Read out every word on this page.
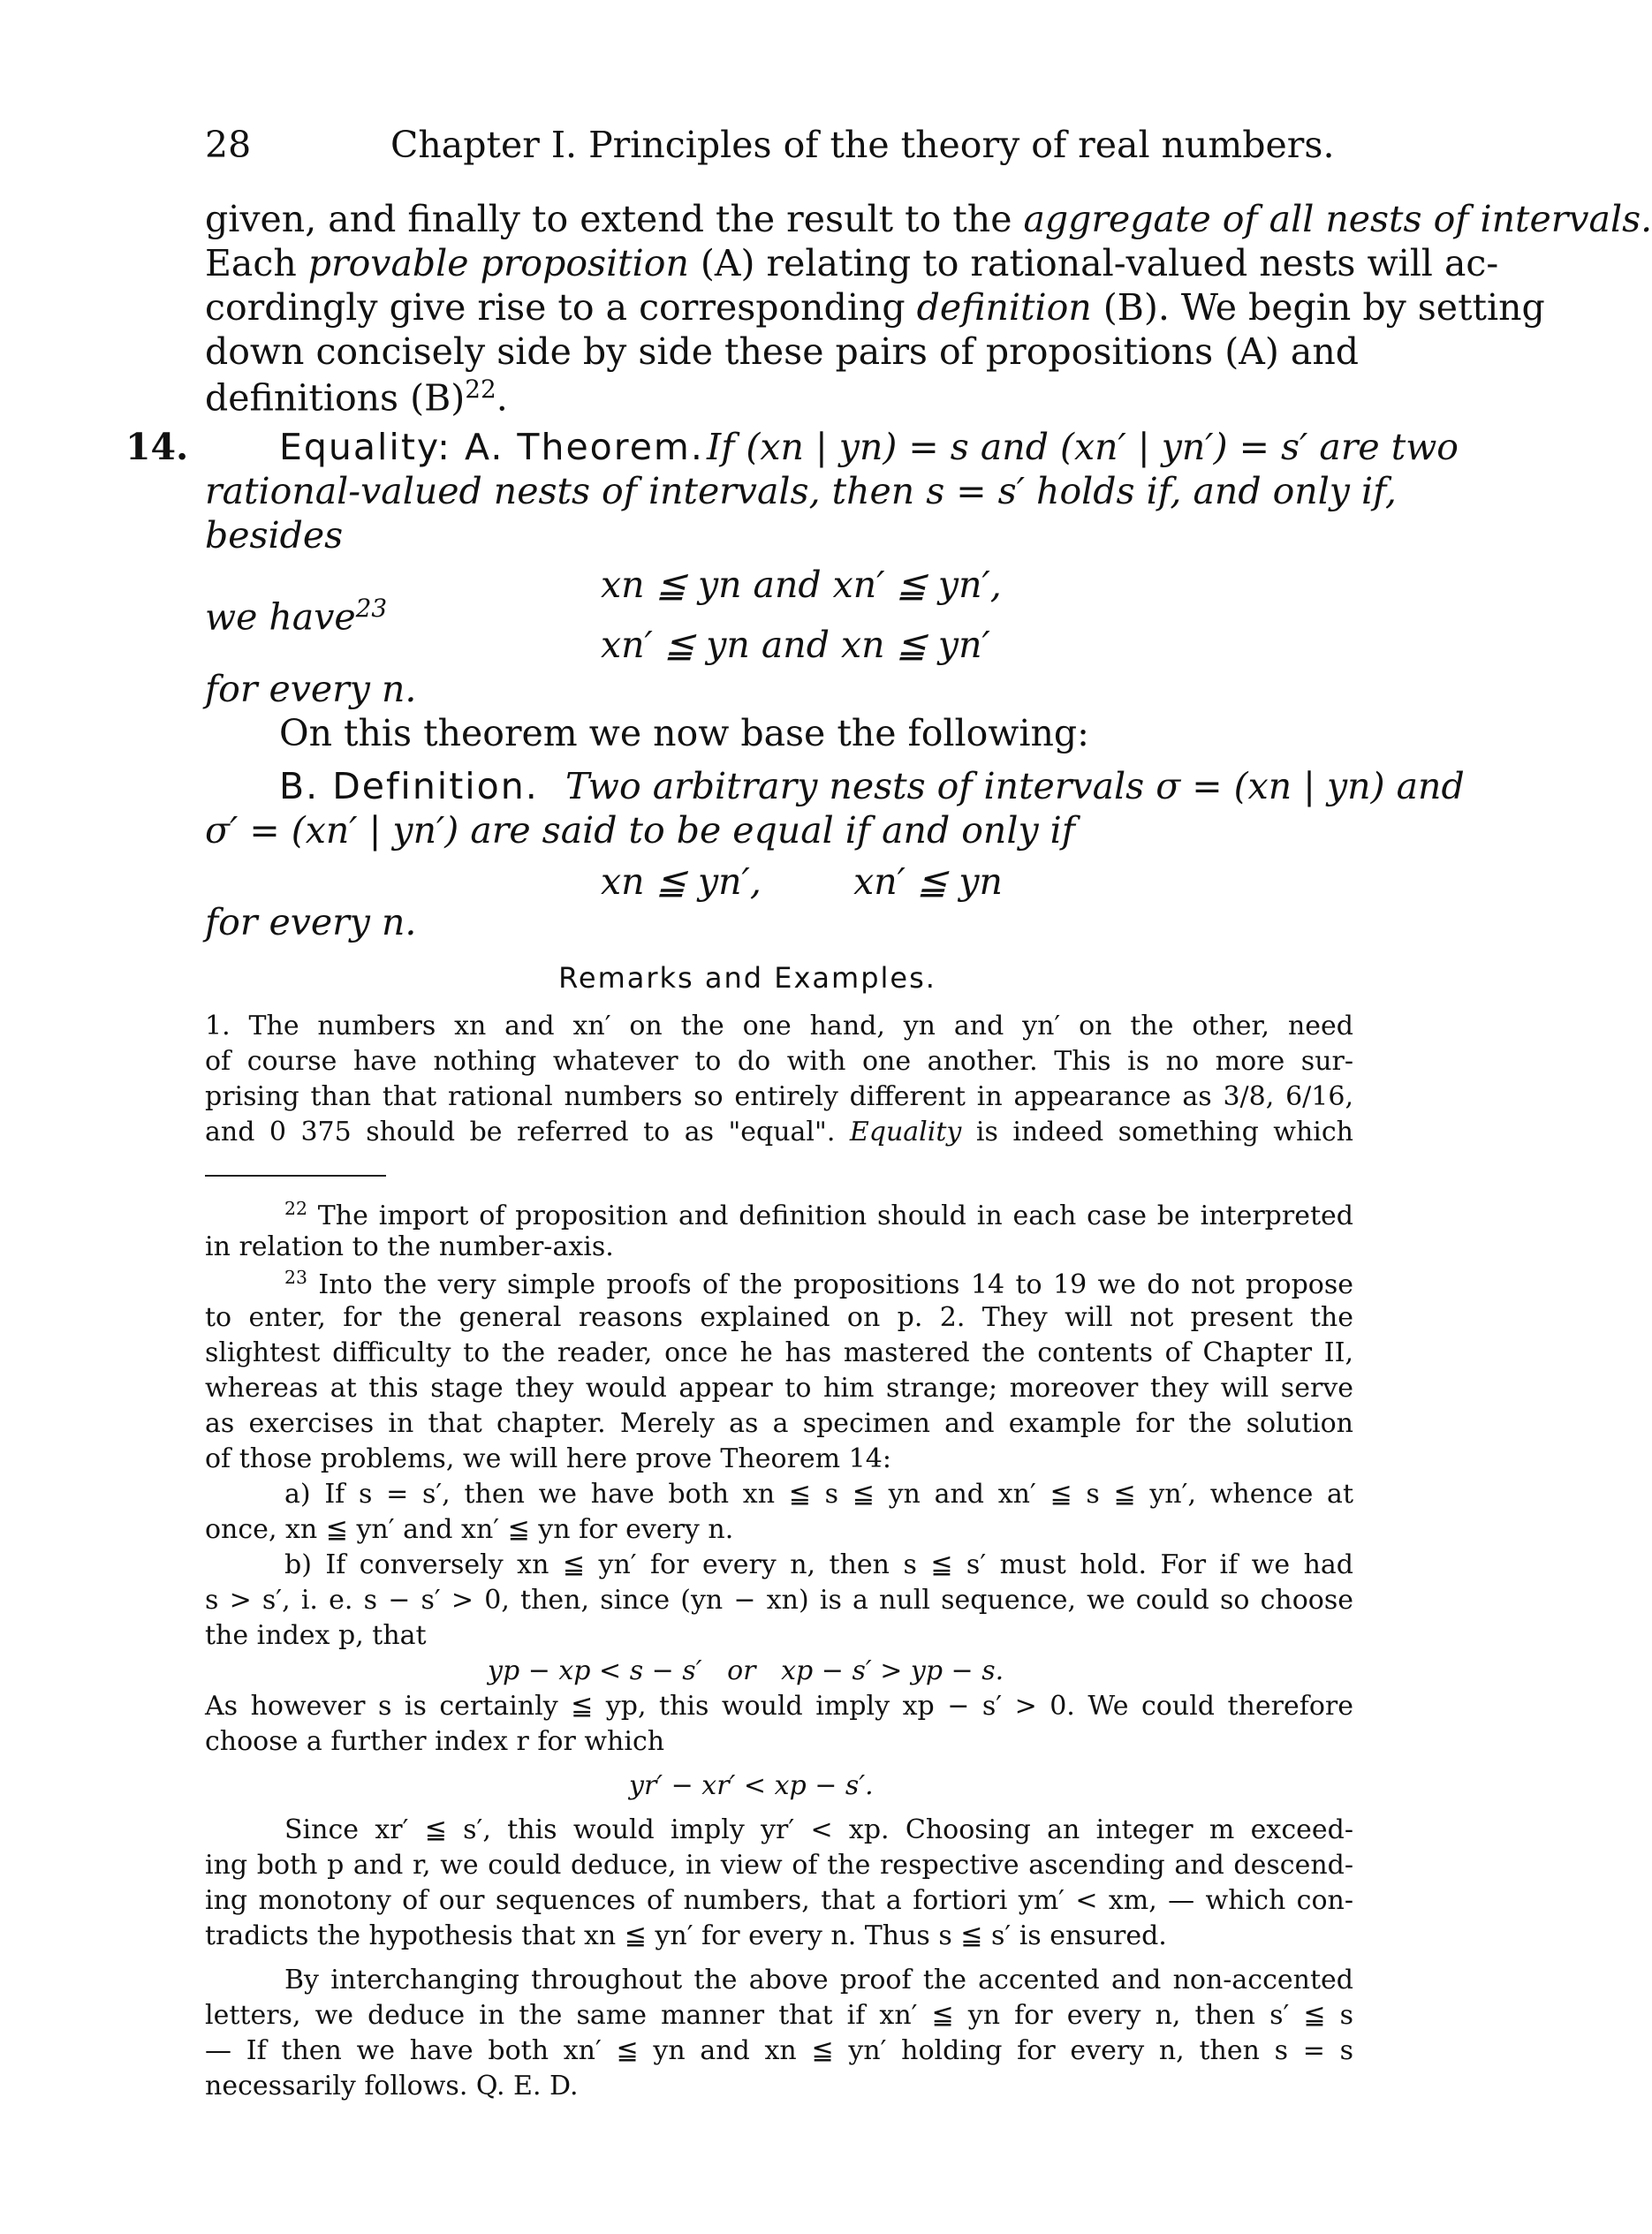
28	Chapter I. Principles of the theory of real numbers.
given, and finally to extend the result to the aggregate of all nests of intervals.
Each provable proposition (A) relating to rational-valued nests will ac-
cordingly give rise to a corresponding definition (B). We begin by setting
down concisely side by side these pairs of propositions (A) and
definitions $(B)^{22}$.
14.	Equality: A. Theorem. If (xn | yn) = s and (xn′ | yn′) = s′ are two
rational-valued nests of intervals, then s = s′ holds if, and only if,
besides
xn ≦ yn and xn′ ≦ yn′,
we have$^{23}$
xn′ ≦ yn and xn ≦ yn′
for every n.
On this theorem we now base the following:
B. Definition. Two arbitrary nests of intervals σ = (xn | yn) and
σ′ = (xn′ | yn′) are said to be equal if and only if
xn ≦ yn′,        xn′ ≦ yn
for every n.
Remarks and Examples.
1. The numbers xn and xn′ on the one hand, yn and yn′ on the other, need
of course have nothing whatever to do with one another. This is no more sur-
prising than that rational numbers so entirely different in appearance as 3/8, 6/16,
and 0 375 should be referred to as "equal". Equality is indeed something which
$^{22}$ The import of proposition and definition should in each case be interpreted
in relation to the number-axis.
$^{23}$ Into the very simple proofs of the propositions 14 to 19 we do not propose
to enter, for the general reasons explained on p. 2. They will not present the
slightest difficulty to the reader, once he has mastered the contents of Chapter II,
whereas at this stage they would appear to him strange; moreover they will serve
as exercises in that chapter. Merely as a specimen and example for the solution
of those problems, we will here prove Theorem 14:
a) If s = s′, then we have both xn ≦ s ≦ yn and xn′ ≦ s ≦ yn′, whence at
once, xn ≦ yn′ and xn′ ≦ yn for every n.
b) If conversely xn ≦ yn′ for every n, then s ≦ s′ must hold. For if we had
s > s′, i. e. s − s′ > 0, then, since (yn − xn) is a null sequence, we could so choose
the index p, that
yp − xp < s − s′   or   xp − s′ > yp − s.
As however s is certainly ≦ yp, this would imply xp − s′ > 0. We could therefore
choose a further index r for which
yr′ − xr′ < xp − s′.
Since xr′ ≦ s′, this would imply yr′ < xp. Choosing an integer m exceed-
ing both p and r, we could deduce, in view of the respective ascending and descend-
ing monotony of our sequences of numbers, that a fortiori ym′ < xm, — which con-
tradicts the hypothesis that xn ≦ yn′ for every n. Thus s ≦ s′ is ensured.
By interchanging throughout the above proof the accented and non-accented
letters, we deduce in the same manner that if xn′ ≦ yn for every n, then s′ ≦ s
— If then we have both xn′ ≦ yn and xn ≦ yn′ holding for every n, then s = s
necessarily follows. Q. E. D.
